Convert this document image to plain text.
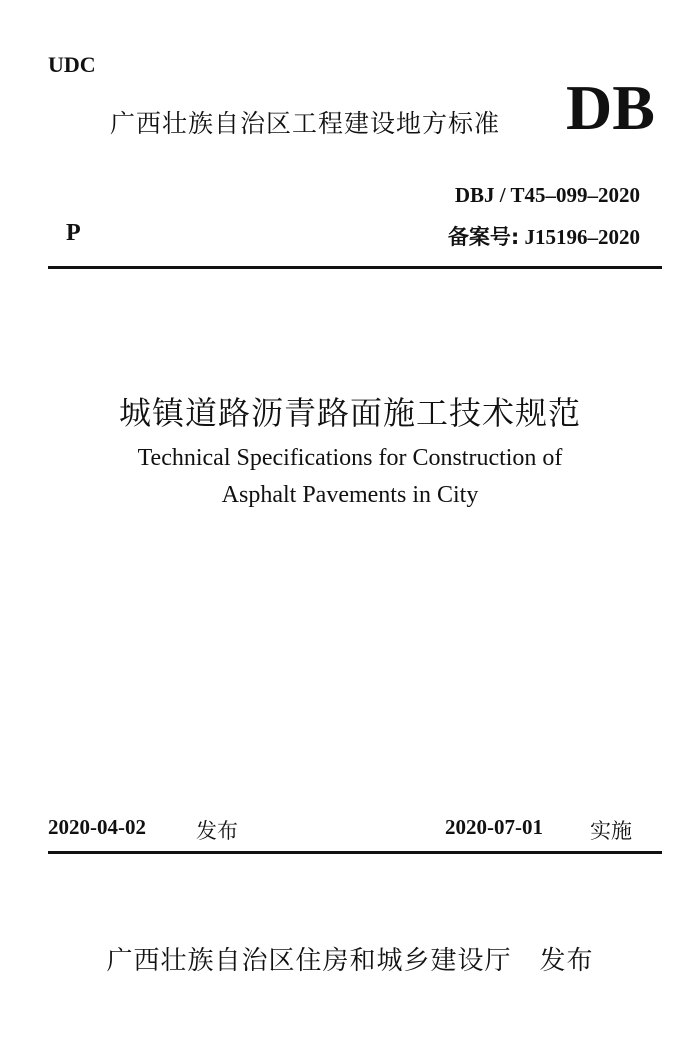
UDC
广西壮族自治区工程建设地方标准 DB
DBJ / T45–099–2020
备案号: J15196–2020
P
城镇道路沥青路面施工技术规范
Technical Specifications for Construction of
Asphalt Pavements in City
2020-04-02 发布	2020-07-01 实施
广西壮族自治区住房和城乡建设厅 发布
